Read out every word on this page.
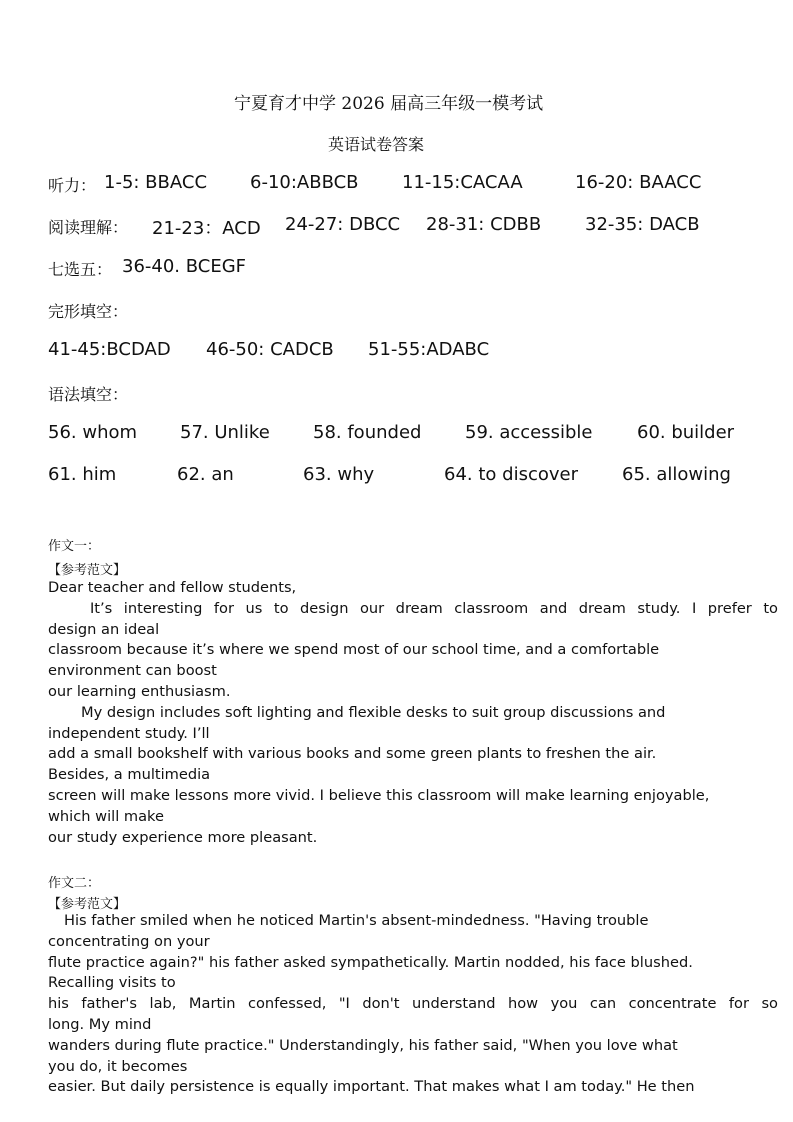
宁夏育才中学 2026 届高三年级一模考试
英语试卷答案
听力： 1-5: BBACC 6-10:ABBCB 11-15:CACAA	16-20: BAACC
阅读理解： 21-23：ACD 24-27: DBCC 28-31: CDBB 32-35: DACB
七选五： 36-40. BCEGF
完形填空：
41-45:BCDAD 46-50: CADCB 51-55:ADABC
语法填空：
56. whom 57. Unlike 58. founded 59. accessible 60. builder
61. him	62. an	63. why	64. to discover 65. allowing
作文一：
【参考范文】

Dear teacher and fellow students,

It’s interesting for us to design our dream classroom and dream study. I prefer to

design an ideal

classroom because it’s where we spend most of our school time, and a comfortable

environment can boost

our learning enthusiasm.

My design includes soft lighting and flexible desks to suit group discussions and

independent study. I’ll

add a small bookshelf with various books and some green plants to freshen the air.

Besides, a multimedia

screen will make lessons more vivid. I believe this classroom will make learning enjoyable,

which will make

our study experience more pleasant.

作文二：
【参考范文】

His father smiled when he noticed Martin's absent-mindedness. "Having trouble

concentrating on your

flute practice again?" his father asked sympathetically. Martin nodded, his face blushed.

Recalling visits to

his father's lab, Martin confessed, "I don't understand how you can concentrate for so

long. My mind

wanders during flute practice." Understandingly, his father said, "When you love what

you do, it becomes

easier. But daily persistence is equally important. That makes what I am today." He then
